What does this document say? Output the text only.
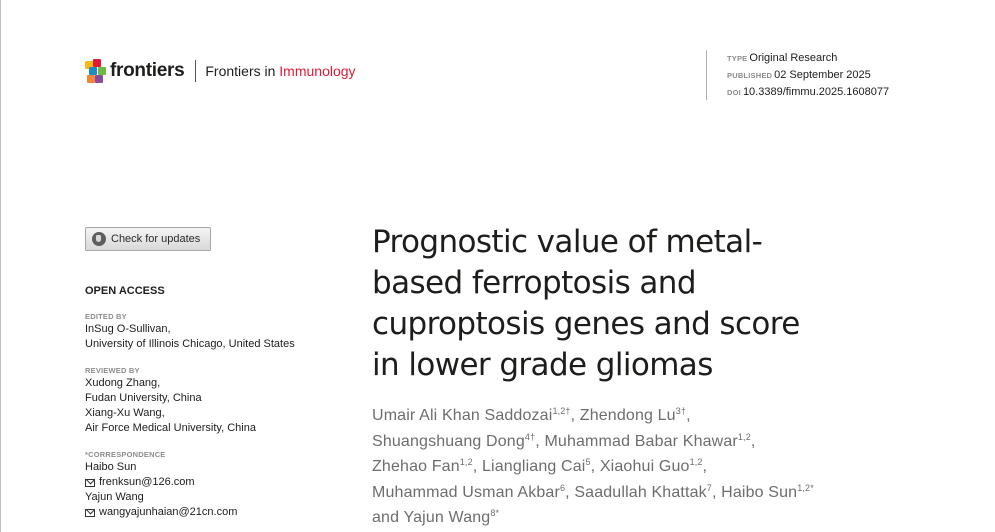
frontiers Frontiers in Immunology
TYPE Original Research
PUBLISHED 02 September 2025
DOI 10.3389/fimmu.2025.1608077
Check for updates
OPEN ACCESS
EDITED BY
InSug O-Sullivan,
University of Illinois Chicago, United States
REVIEWED BY
Xudong Zhang,
Fudan University, China
Xiang-Xu Wang,
Air Force Medical University, China
*CORRESPONDENCE
Haibo Sun
frenksun@126.com
Yajun Wang
wangyajunhaian@21cn.com
Prognostic value of metal-
based ferroptosis and
cuproptosis genes and score
in lower grade gliomas
Umair Ali Khan Saddozai$^{1,2\dagger}$, Zhendong $Lu^{3\dagger}$,
Shuangshuang Dong$^{4\dagger}$, Muhammad Babar Khawar$^{1,2}$,
Zhehao Fan$^{1,2}$, Liangliang Cai$^5$, Xiaohui Guo$^{1,2}$,
Muhammad Usman Akbar$^6$, Saadullah Khattak$^7$, Haibo Sun$^{1,2*}$
and Yajun Wang$^{8*}$
